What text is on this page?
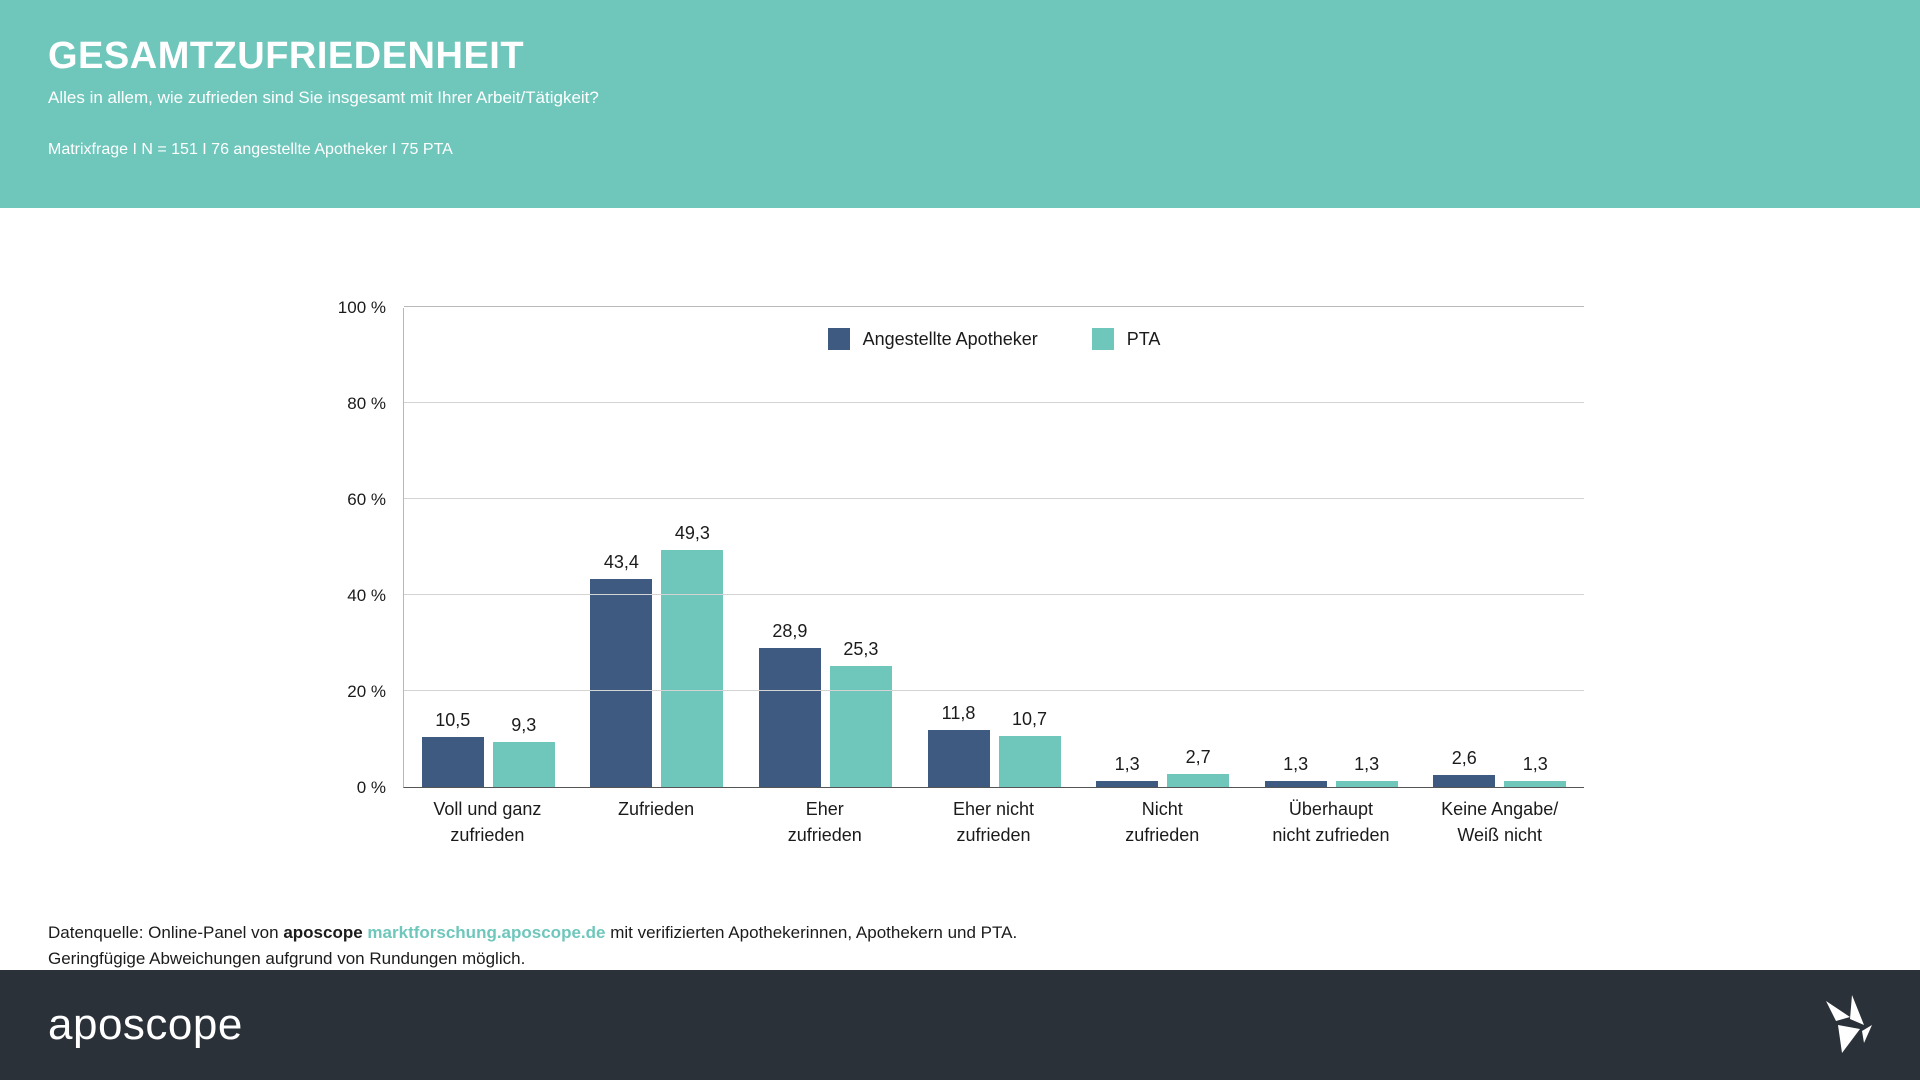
GESAMTZUFRIEDENHEIT
Alles in allem, wie zufrieden sind Sie insgesamt mit Ihrer Arbeit/Tätigkeit?
Matrixfrage I N = 151 I 76 angestellte Apotheker I 75 PTA
0 %
20 %
40 %
60 %
80 %
100 %
Angestellte Apotheker	PTA
10,5 9,3
43,4
49,3
28,9
25,3
11,8 10,7
1,3	2,7	1,3	1,3	2,6	1,3
Voll und ganz
zufrieden
Zufrieden	Eher
zufrieden
Eher nicht
zufrieden
Nicht
zufrieden
Überhaupt
nicht zufrieden
Keine Angabe/
Weiß nicht
Datenquelle: Online-Panel von aposcope marktforschung.aposcope.de mit verifizierten Apothekerinnen, Apothekern und PTA.
Geringfügige Abweichungen aufgrund von Rundungen möglich.
aposcope
